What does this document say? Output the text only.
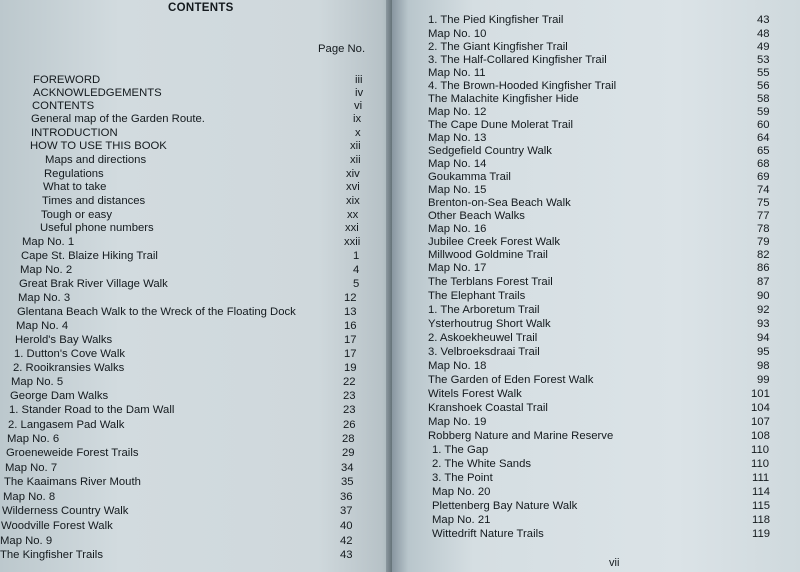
CONTENTS
Page No.
FOREWORD	iii
ACKNOWLEDGEMENTS	iv
CONTENTS	vi
General map of the Garden Route.	ix
INTRODUCTION	x
HOW TO USE THIS BOOK	xii
Maps and directions	xii
Regulations	xiv
What to take	xvi
Times and distances	xix
Tough or easy	xx
Useful phone numbers	xxi
Map No. 1	xxii
Cape St. Blaize Hiking Trail	1
Map No. 2	4
Great Brak River Village Walk	5
Map No. 3	12
Glentana Beach Walk to the Wreck of the Floating Dock	13
Map No. 4	16
Herold's Bay Walks	17
1. Dutton's Cove Walk	17
2. Rooikransies Walks	19
Map No. 5	22
George Dam Walks	23
1. Stander Road to the Dam Wall	23
2. Langasem Pad Walk	26
Map No. 6	28
Groeneweide Forest Trails	29
Map No. 7	34
The Kaaimans River Mouth	35
Map No. 8	36
Wilderness Country Walk	37
Woodville Forest Walk	40
Map No. 9	42
The Kingfisher Trails	43
1. The Pied Kingfisher Trail	43
Map No. 10	48
2. The Giant Kingfisher Trail	49
3. The Half-Collared Kingfisher Trail	53
Map No. 11	55
4. The Brown-Hooded Kingfisher Trail	56
The Malachite Kingfisher Hide	58
Map No. 12	59
The Cape Dune Molerat Trail	60
Map No. 13	64
Sedgefield Country Walk	65
Map No. 14	68
Goukamma Trail	69
Map No. 15	74
Brenton-on-Sea Beach Walk	75
Other Beach Walks	77
Map No. 16	78
Jubilee Creek Forest Walk	79
Millwood Goldmine Trail	82
Map No. 17	86
The Terblans Forest Trail	87
The Elephant Trails	90
1. The Arboretum Trail	92
Ysterhoutrug Short Walk	93
2. Askoekheuwel Trail	94
3. Velbroeksdraai Trail	95
Map No. 18	98
The Garden of Eden Forest Walk	99
Witels Forest Walk	101
Kranshoek Coastal Trail	104
Map No. 19	107
Robberg Nature and Marine Reserve	108
1. The Gap	110
2. The White Sands	110
3. The Point	111
Map No. 20	114
Plettenberg Bay Nature Walk	115
Map No. 21	118
Wittedrift Nature Trails	119
vii
